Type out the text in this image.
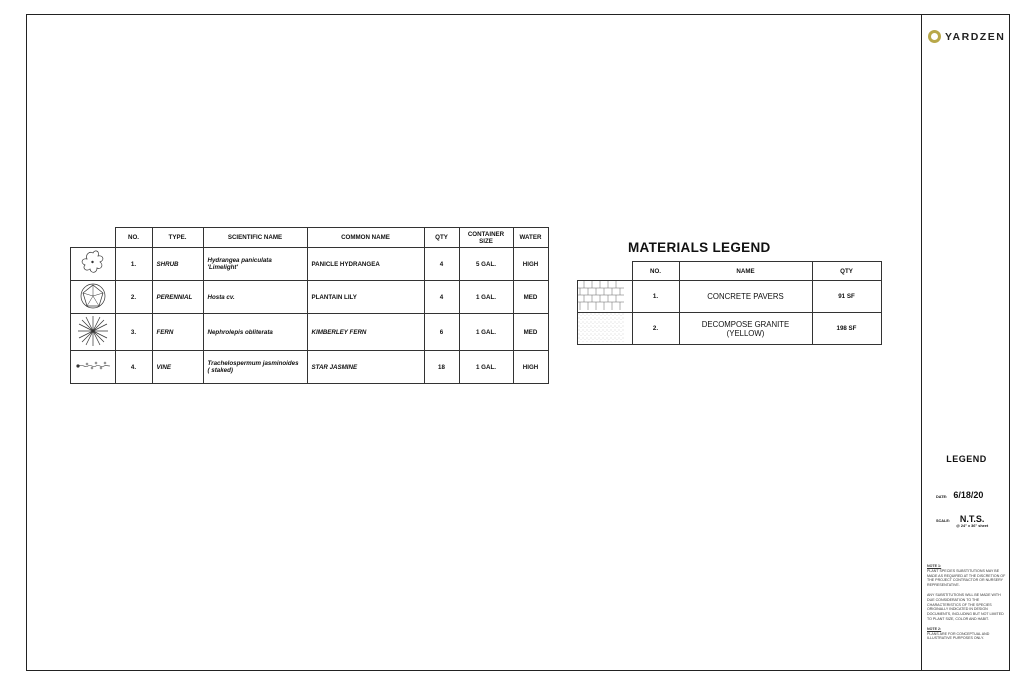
YARDZEN
LEGEND
DATE: 6/18/20
SCALE:	N.T.S.
@ 24" x 36" sheet
NOTE 1:

PLANT SPECIES SUBSTITUTIONS MAY BE MADE AS REQUIRED AT THE DISCRETION OF THE PROJECT CONTRACTOR OR NURSERY REPRESENTATIVE.

ANY SUBSTITUTIONS WILL BE MADE WITH DUE CONSIDERATION TO THE CHARACTERISTICS OF THE SPECIES ORIGINALLY INDICATED IN DESIGN DOCUMENTS, INCLUDING BUT NOT LIMITED TO PLANT SIZE, COLOR AND HABIT.

NOTE 2:

PLANS ARE FOR CONCEPTUAL AND ILLUSTRATIVE PURPOSES ONLY.

	NO.	TYPE.	SCIENTIFIC NAME	COMMON NAME	QTY	CONTAINER
SIZE	WATER
	1.	SHRUB	Hydrangea paniculata
'Limelight'	PANICLE HYDRANGEA	4	5 GAL.	HIGH
	2.	PERENNIAL	Hosta cv.	PLANTAIN LILY	4	1 GAL.	MED
	3.	FERN	Nephrolepis obliterata	KIMBERLEY FERN	6	1 GAL.	MED
	4.	VINE	Trachelospermum jasminoides
( staked)	STAR JASMINE	18	1 GAL.	HIGH
MATERIALS LEGEND
	NO.	NAME	QTY
	1.	CONCRETE PAVERS	91 SF
	2.	DECOMPOSE GRANITE
(YELLOW)	198 SF
